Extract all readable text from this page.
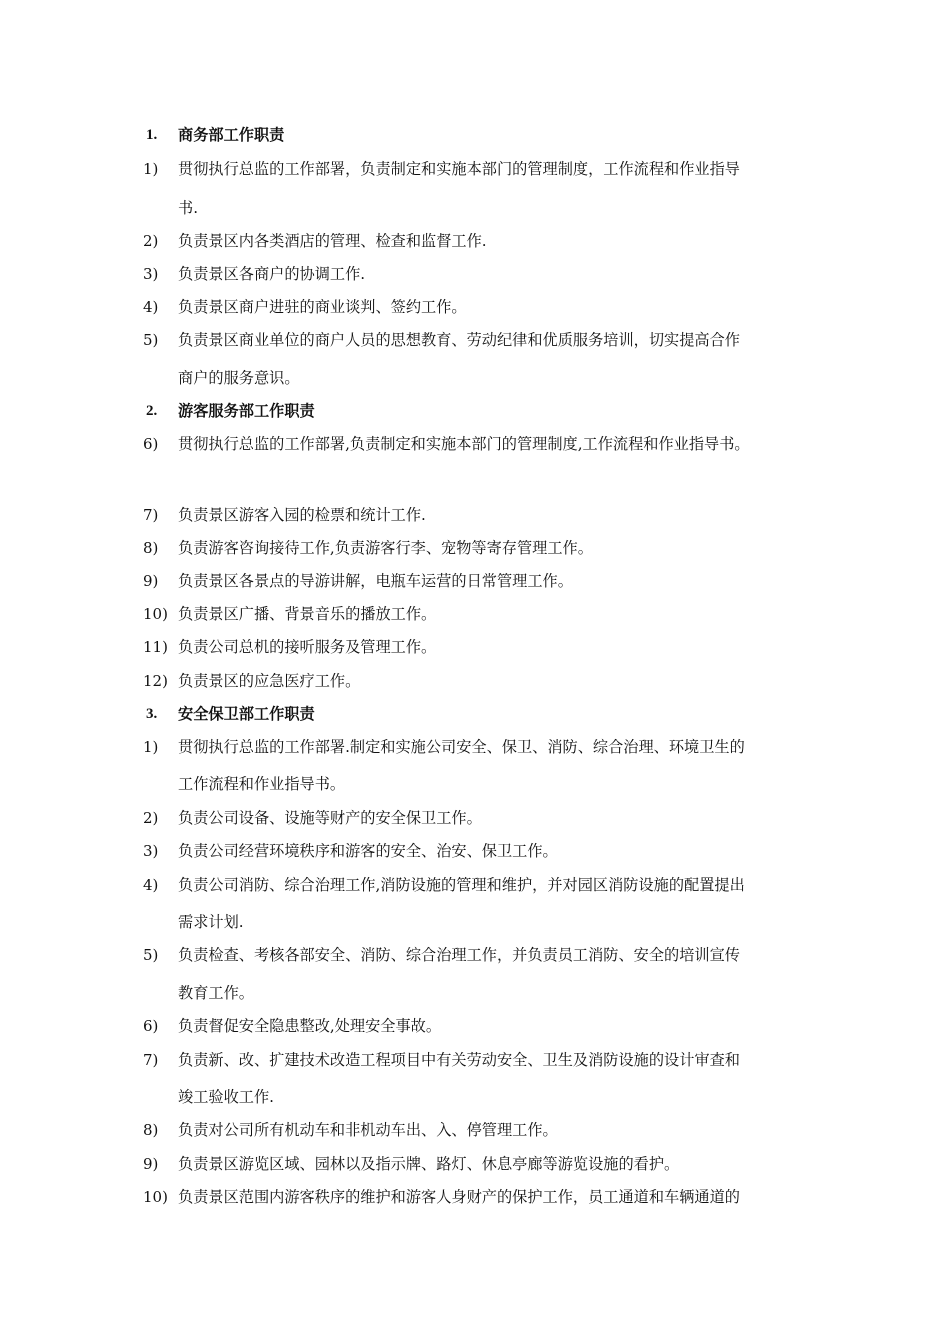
1. 商务部工作职责
1) 贯彻执行总监的工作部署，负责制定和实施本部门的管理制度，工作流程和作业指导
书.
2) 负责景区内各类酒店的管理、检查和监督工作.
3) 负责景区各商户的协调工作.
4) 负责景区商户进驻的商业谈判、签约工作。
5) 负责景区商业单位的商户人员的思想教育、劳动纪律和优质服务培训，切实提高合作
商户的服务意识。
2. 游客服务部工作职责
6) 贯彻执行总监的工作部署,负责制定和实施本部门的管理制度,工作流程和作业指导书。
7) 负责景区游客入园的检票和统计工作.
8) 负责游客咨询接待工作,负责游客行李、宠物等寄存管理工作。
9) 负责景区各景点的导游讲解，电瓶车运营的日常管理工作。
10) 负责景区广播、背景音乐的播放工作。
11) 负责公司总机的接听服务及管理工作。
12) 负责景区的应急医疗工作。
3. 安全保卫部工作职责
1) 贯彻执行总监的工作部署.制定和实施公司安全、保卫、消防、综合治理、环境卫生的
工作流程和作业指导书。
2) 负责公司设备、设施等财产的安全保卫工作。
3) 负责公司经营环境秩序和游客的安全、治安、保卫工作。
4) 负责公司消防、综合治理工作,消防设施的管理和维护，并对园区消防设施的配置提出
需求计划.
5) 负责检查、考核各部安全、消防、综合治理工作，并负责员工消防、安全的培训宣传
教育工作。
6) 负责督促安全隐患整改,处理安全事故。
7) 负责新、改、扩建技术改造工程项目中有关劳动安全、卫生及消防设施的设计审查和
竣工验收工作.
8) 负责对公司所有机动车和非机动车出、入、停管理工作。
9) 负责景区游览区域、园林以及指示牌、路灯、休息亭廊等游览设施的看护。
10) 负责景区范围内游客秩序的维护和游客人身财产的保护工作，员工通道和车辆通道的
